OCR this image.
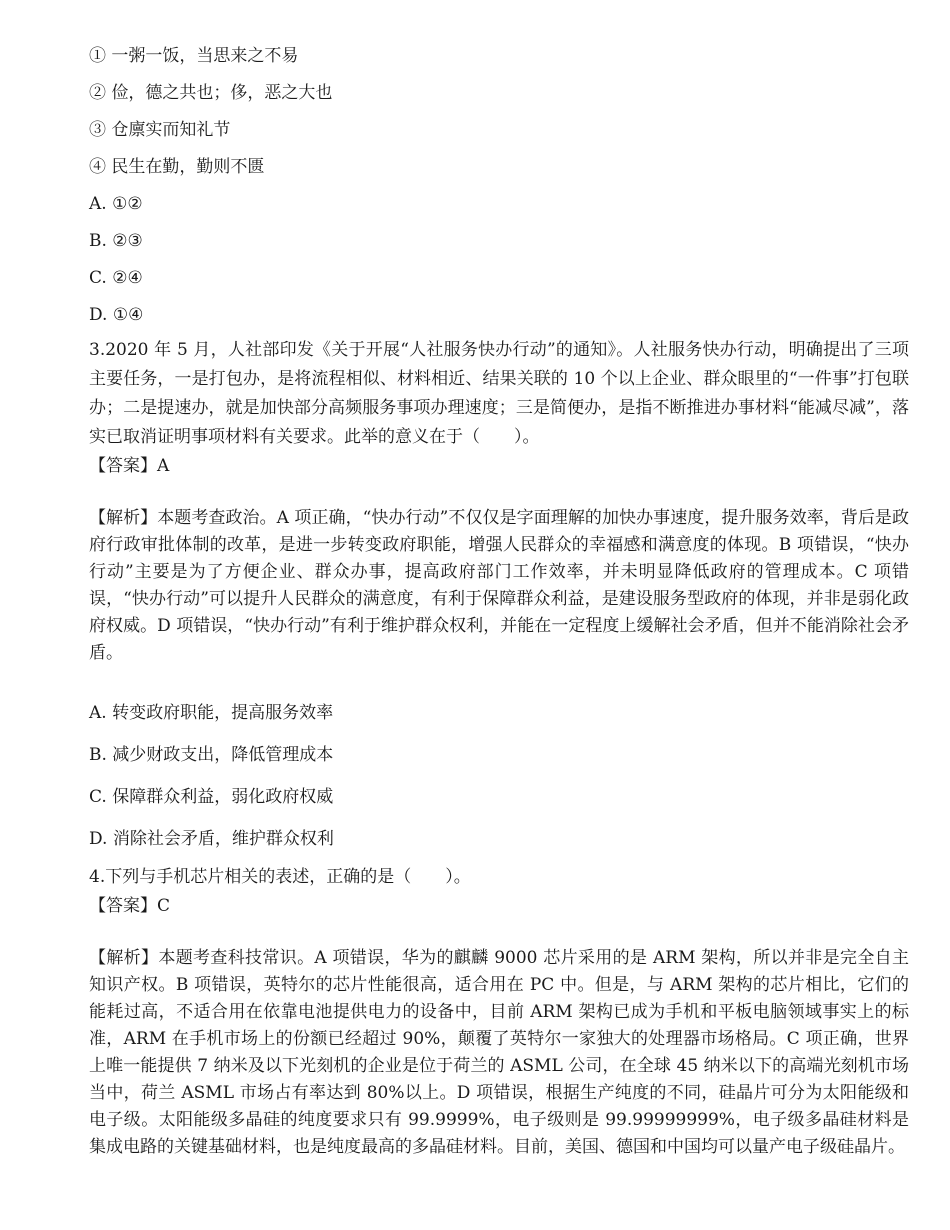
① 一粥一饭，当思来之不易

② 俭，德之共也；侈，恶之大也

③ 仓廪实而知礼节

④ 民生在勤，勤则不匮

A. ①②

B. ②③

C. ②④

D. ①④

3.2020 年 5 月，人社部印发《关于开展“人社服务快办行动”的通知》。人社服务快办行动，明确提出了三项主要任务，一是打包办，是将流程相似、材料相近、结果关联的 10 个以上企业、群众眼里的“一件事”打包联办；二是提速办，就是加快部分高频服务事项办理速度；三是简便办，是指不断推进办事材料“能减尽减”，落实已取消证明事项材料有关要求。此举的意义在于（　　）。

【答案】A

【解析】本题考查政治。A 项正确，“快办行动”不仅仅是字面理解的加快办事速度，提升服务效率，背后是政府行政审批体制的改革，是进一步转变政府职能，增强人民群众的幸福感和满意度的体现。B 项错误，“快办行动”主要是为了方便企业、群众办事，提高政府部门工作效率，并未明显降低政府的管理成本。C 项错误，“快办行动”可以提升人民群众的满意度，有利于保障群众利益，是建设服务型政府的体现，并非是弱化政府权威。D 项错误，“快办行动”有利于维护群众权利，并能在一定程度上缓解社会矛盾，但并不能消除社会矛盾。

A. 转变政府职能，提高服务效率

B. 减少财政支出，降低管理成本

C. 保障群众利益，弱化政府权威

D. 消除社会矛盾，维护群众权利

4.下列与手机芯片相关的表述，正确的是（　　）。

【答案】C

【解析】本题考查科技常识。A 项错误，华为的麒麟 9000 芯片采用的是 ARM 架构，所以并非是完全自主知识产权。B 项错误，英特尔的芯片性能很高，适合用在 PC 中。但是，与 ARM 架构的芯片相比，它们的能耗过高，不适合用在依靠电池提供电力的设备中，目前 ARM 架构已成为手机和平板电脑领域事实上的标准，ARM 在手机市场上的份额已经超过 90%，颠覆了英特尔一家独大的处理器市场格局。C 项正确，世界上唯一能提供 7 纳米及以下光刻机的企业是位于荷兰的 ASML 公司，在全球 45 纳米以下的高端光刻机市场当中，荷兰 ASML 市场占有率达到 80%以上。D 项错误，根据生产纯度的不同，硅晶片可分为太阳能级和电子级。太阳能级多晶硅的纯度要求只有 99.9999%，电子级则是 99.99999999%，电子级多晶硅材料是集成电路的关键基础材料，也是纯度最高的多晶硅材料。目前，美国、德国和中国均可以量产电子级硅晶片。
